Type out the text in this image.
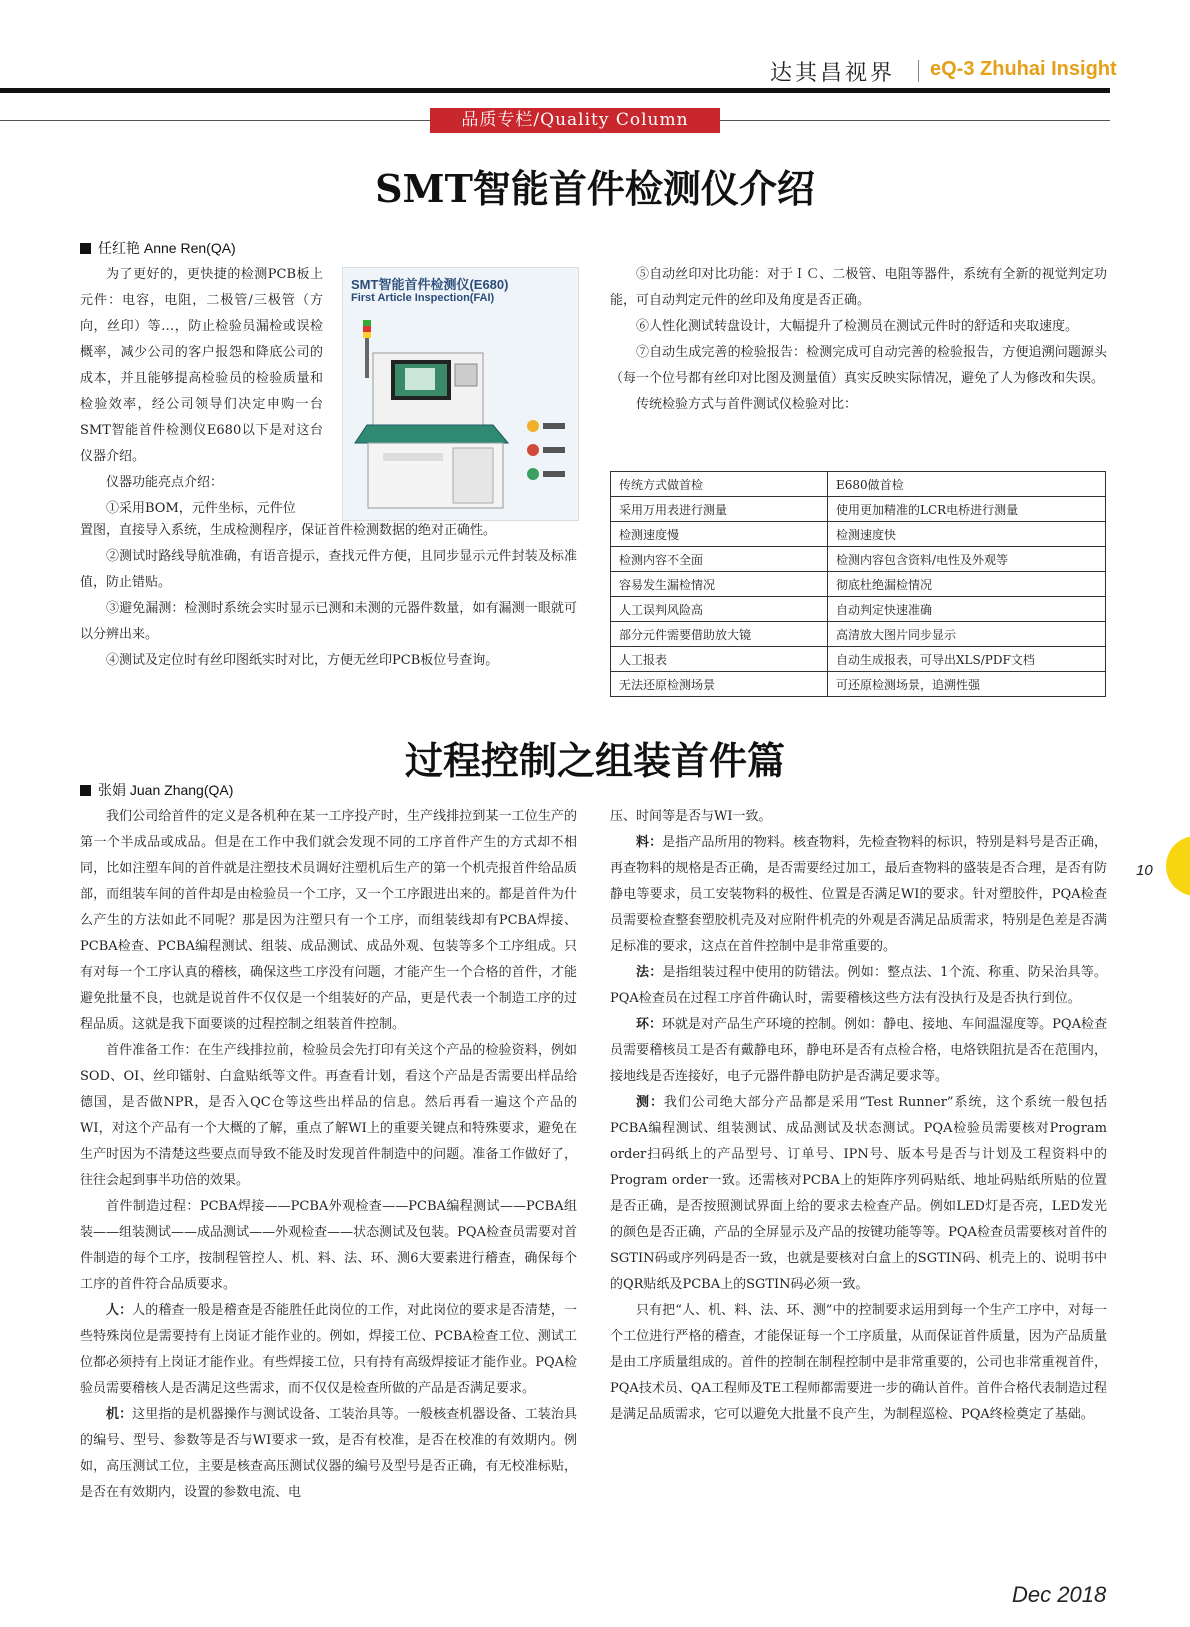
达其昌视界 eQ-3 Zhuhai Insight
品质专栏/Quality Column
SMT智能首件检测仪介绍
任红艳 Anne Ren(QA)

为了更好的，更快捷的检测PCB板上元件：电容，电阻，二极管/三极管（方向，丝印）等…，防止检验员漏检或误检概率，减少公司的客户报怨和降底公司的成本，并且能够提高检验员的检验质量和检验效率，经公司领导们决定申购一台SMT智能首件检测仪E680以下是对这台仪器介绍。

仪器功能亮点介绍：

①采用BOM，元件坐标，元件位

SMT智能首件检测仪(E680)
First Article Inspection(FAI)

置图，直接导入系统，生成检测程序，保证首件检测数据的绝对正确性。

②测试时路线导航准确，有语音提示，查找元件方便，且同步显示元件封装及标准值，防止错贴。

③避免漏测：检测时系统会实时显示已测和未测的元器件数量，如有漏测一眼就可以分辨出来。

④测试及定位时有丝印图纸实时对比，方便无丝印PCB板位号查询。

⑤自动丝印对比功能：对于ＩＣ、二极管、电阻等器件，系统有全新的视觉判定功能，可自动判定元件的丝印及角度是否正确。

⑥人性化测试转盘设计，大幅提升了检测员在测试元件时的舒适和夹取速度。

⑦自动生成完善的检验报告：检测完成可自动完善的检验报告，方便追溯问题源头（每一个位号都有丝印对比图及测量值）真实反映实际情况，避免了人为修改和失误。

传统检验方式与首件测试仪检验对比：

传统方式做首检	E680做首检
采用万用表进行测量	使用更加精准的LCR电桥进行测量
检测速度慢	检测速度快
检测内容不全面	检测内容包含资料/电性及外观等
容易发生漏检情况	彻底杜绝漏检情况
人工误判风险高	自动判定快速准确
部分元件需要借助放大镜	高清放大图片同步显示
人工报表	自动生成报表，可导出XLS/PDF文档
无法还原检测场景	可还原检测场景，追溯性强
过程控制之组装首件篇
张娟 Juan Zhang(QA)

我们公司给首件的定义是各机种在某一工序投产时，生产线排拉到某一工位生产的第一个半成品或成品。但是在工作中我们就会发现不同的工序首件产生的方式却不相同，比如注塑车间的首件就是注塑技术员调好注塑机后生产的第一个机壳报首件给品质部，而组装车间的首件却是由检验员一个工序，又一个工序跟进出来的。都是首件为什么产生的方法如此不同呢？那是因为注塑只有一个工序，而组装线却有PCBA焊接、PCBA检查、PCBA编程测试、组装、成品测试、成品外观、包装等多个工序组成。只有对每一个工序认真的稽核，确保这些工序没有问题，才能产生一个合格的首件，才能避免批量不良，也就是说首件不仅仅是一个组装好的产品，更是代表一个制造工序的过程品质。这就是我下面要谈的过程控制之组装首件控制。

首件准备工作：在生产线排拉前，检验员会先打印有关这个产品的检验资料，例如SOD、OI、丝印镭射、白盒贴纸等文件。再查看计划，看这个产品是否需要出样品给德国，是否做NPR，是否入QC仓等这些出样品的信息。然后再看一遍这个产品的WI，对这个产品有一个大概的了解，重点了解WI上的重要关键点和特殊要求，避免在生产时因为不清楚这些要点而导致不能及时发现首件制造中的问题。准备工作做好了，往往会起到事半功倍的效果。

首件制造过程：PCBA焊接——PCBA外观检查——PCBA编程测试——PCBA组装——组装测试——成品测试——外观检查——状态测试及包装。PQA检查员需要对首件制造的每个工序，按制程管控人、机、料、法、环、测6大要素进行稽查，确保每个工序的首件符合品质要求。

人：人的稽查一般是稽查是否能胜任此岗位的工作，对此岗位的要求是否清楚，一些特殊岗位是需要持有上岗证才能作业的。例如，焊接工位、PCBA检查工位、测试工位都必须持有上岗证才能作业。有些焊接工位，只有持有高级焊接证才能作业。PQA检验员需要稽核人是否满足这些需求，而不仅仅是检查所做的产品是否满足要求。

机：这里指的是机器操作与测试设备、工装治具等。一般核查机器设备、工装治具的编号、型号、参数等是否与WI要求一致，是否有校准，是否在校准的有效期内。例如，高压测试工位，主要是核查高压测试仪器的编号及型号是否正确，有无校准标贴，是否在有效期内，设置的参数电流、电

压、时间等是否与WI一致。

料：是指产品所用的物料。核查物料，先检查物料的标识，特别是料号是否正确，再查物料的规格是否正确，是否需要经过加工，最后查物料的盛装是否合理，是否有防静电等要求，员工安装物料的极性、位置是否满足WI的要求。针对塑胶件，PQA检查员需要检查整套塑胶机壳及对应附件机壳的外观是否满足品质需求，特别是色差是否满足标准的要求，这点在首件控制中是非常重要的。

法：是指组装过程中使用的防错法。例如：整点法、1个流、称重、防呆治具等。PQA检查员在过程工序首件确认时，需要稽核这些方法有没执行及是否执行到位。

环：环就是对产品生产环境的控制。例如：静电、接地、车间温湿度等。PQA检查员需要稽核员工是否有戴静电环，静电环是否有点检合格，电烙铁阻抗是否在范围内，接地线是否连接好，电子元器件静电防护是否满足要求等。

测：我们公司绝大部分产品都是采用“Test Runner”系统，这个系统一般包括PCBA编程测试、组装测试、成品测试及状态测试。PQA检验员需要核对Program order扫码纸上的产品型号、订单号、IPN号、版本号是否与计划及工程资料中的Program order一致。还需核对PCBA上的矩阵序列码贴纸、地址码贴纸所贴的位置是否正确，是否按照测试界面上给的要求去检查产品。例如LED灯是否亮，LED发光的颜色是否正确，产品的全屏显示及产品的按键功能等等。PQA检查员需要核对首件的SGTIN码或序列码是否一致，也就是要核对白盒上的SGTIN码、机壳上的、说明书中的QR贴纸及PCBA上的SGTIN码必须一致。

只有把“人、机、料、法、环、测”中的控制要求运用到每一个生产工序中，对每一个工位进行严格的稽查，才能保证每一个工序质量，从而保证首件质量，因为产品质量是由工序质量组成的。首件的控制在制程控制中是非常重要的，公司也非常重视首件，PQA技术员、QA工程师及TE工程师都需要进一步的确认首件。首件合格代表制造过程是满足品质需求，它可以避免大批量不良产生，为制程巡检、PQA终检奠定了基础。

10
Dec 2018
